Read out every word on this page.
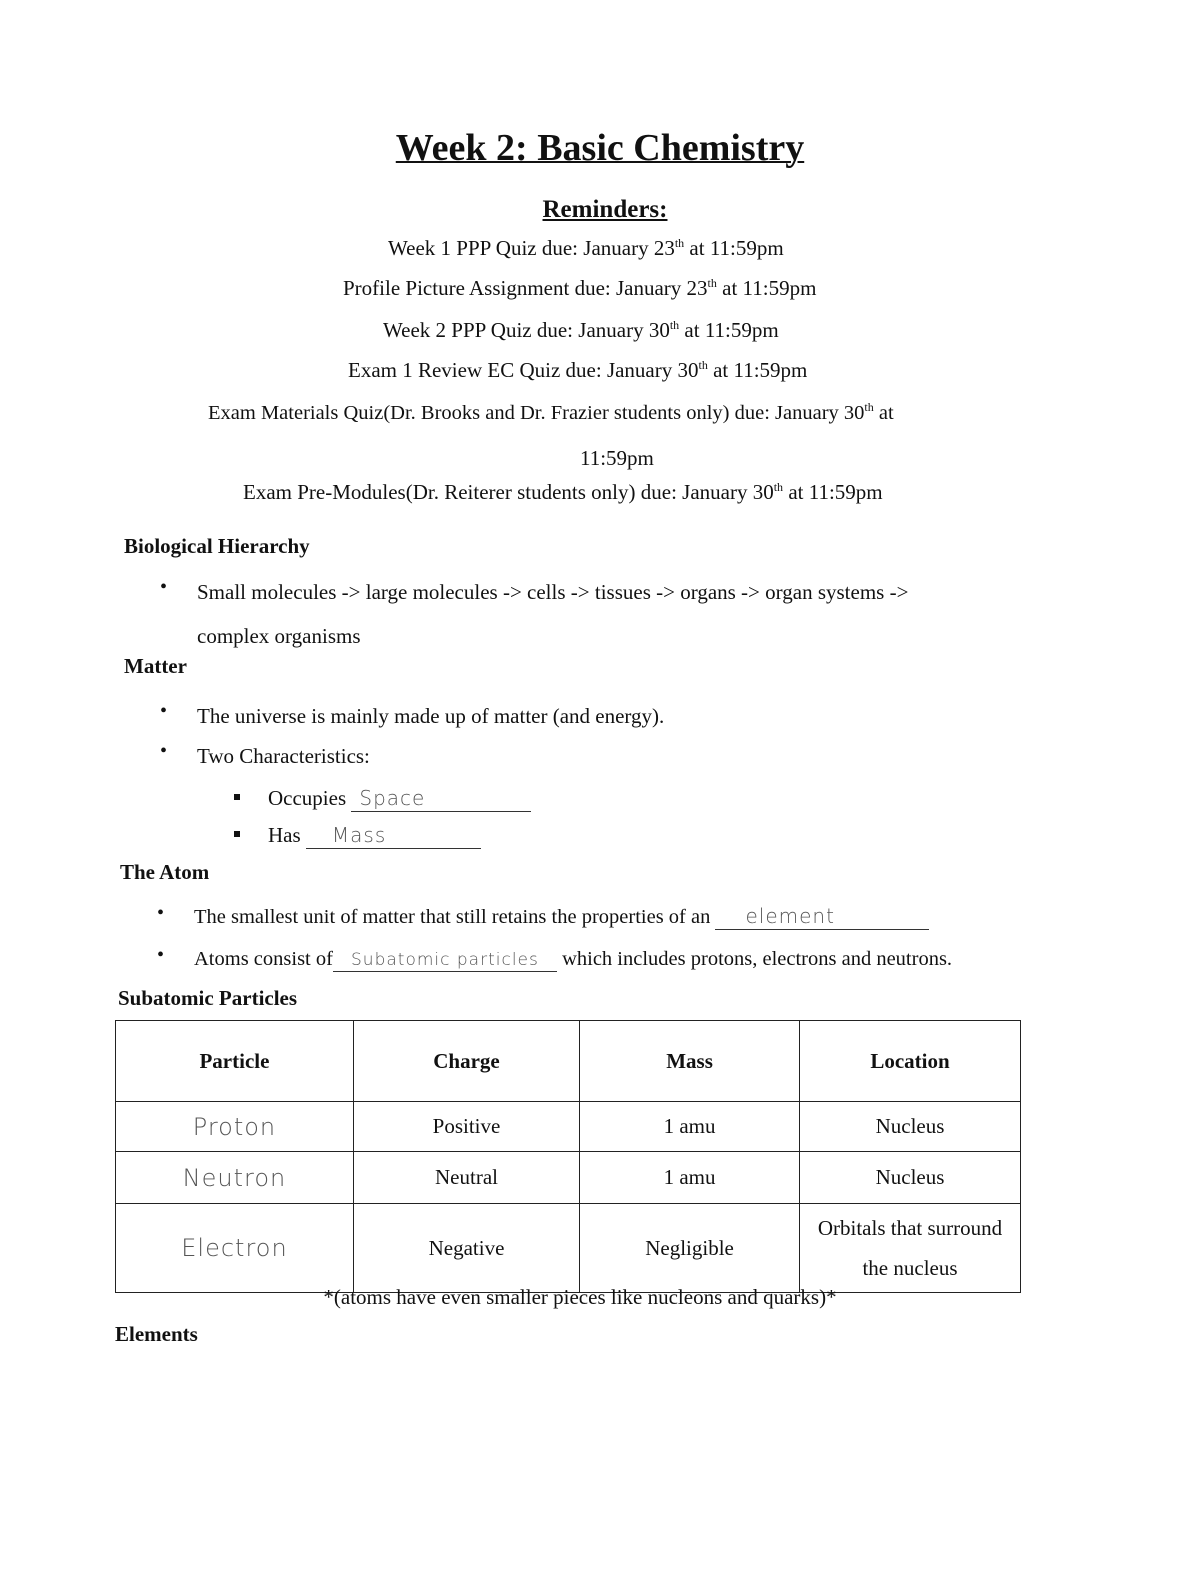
Week 2: Basic Chemistry
Reminders:
Week 1 PPP Quiz due: January 23th at 11:59pm
Profile Picture Assignment due: January 23th at 11:59pm
Week 2 PPP Quiz due: January 30th at 11:59pm
Exam 1 Review EC Quiz due: January 30th at 11:59pm
Exam Materials Quiz(Dr. Brooks and Dr. Frazier students only) due: January 30th at
11:59pm
Exam Pre-Modules(Dr. Reiterer students only) due: January 30th at 11:59pm
Biological Hierarchy
• Small molecules -> large molecules -> cells -> tissues -> organs -> organ systems ->
complex organisms
Matter
• The universe is mainly made up of matter (and energy).
• Two Characteristics:
Occupies Space
Has Mass
The Atom
• The smallest unit of matter that still retains the properties of an element
• Atoms consist of Subatomic particles which includes protons, electrons and neutrons.
Subatomic Particles
Particle	Charge	Mass	Location
Proton	Positive	1 amu	Nucleus
Neutron	Neutral	1 amu	Nucleus
Electron	Negative	Negligible	Orbitals that surround the nucleus
*(atoms have even smaller pieces like nucleons and quarks)*
Elements
